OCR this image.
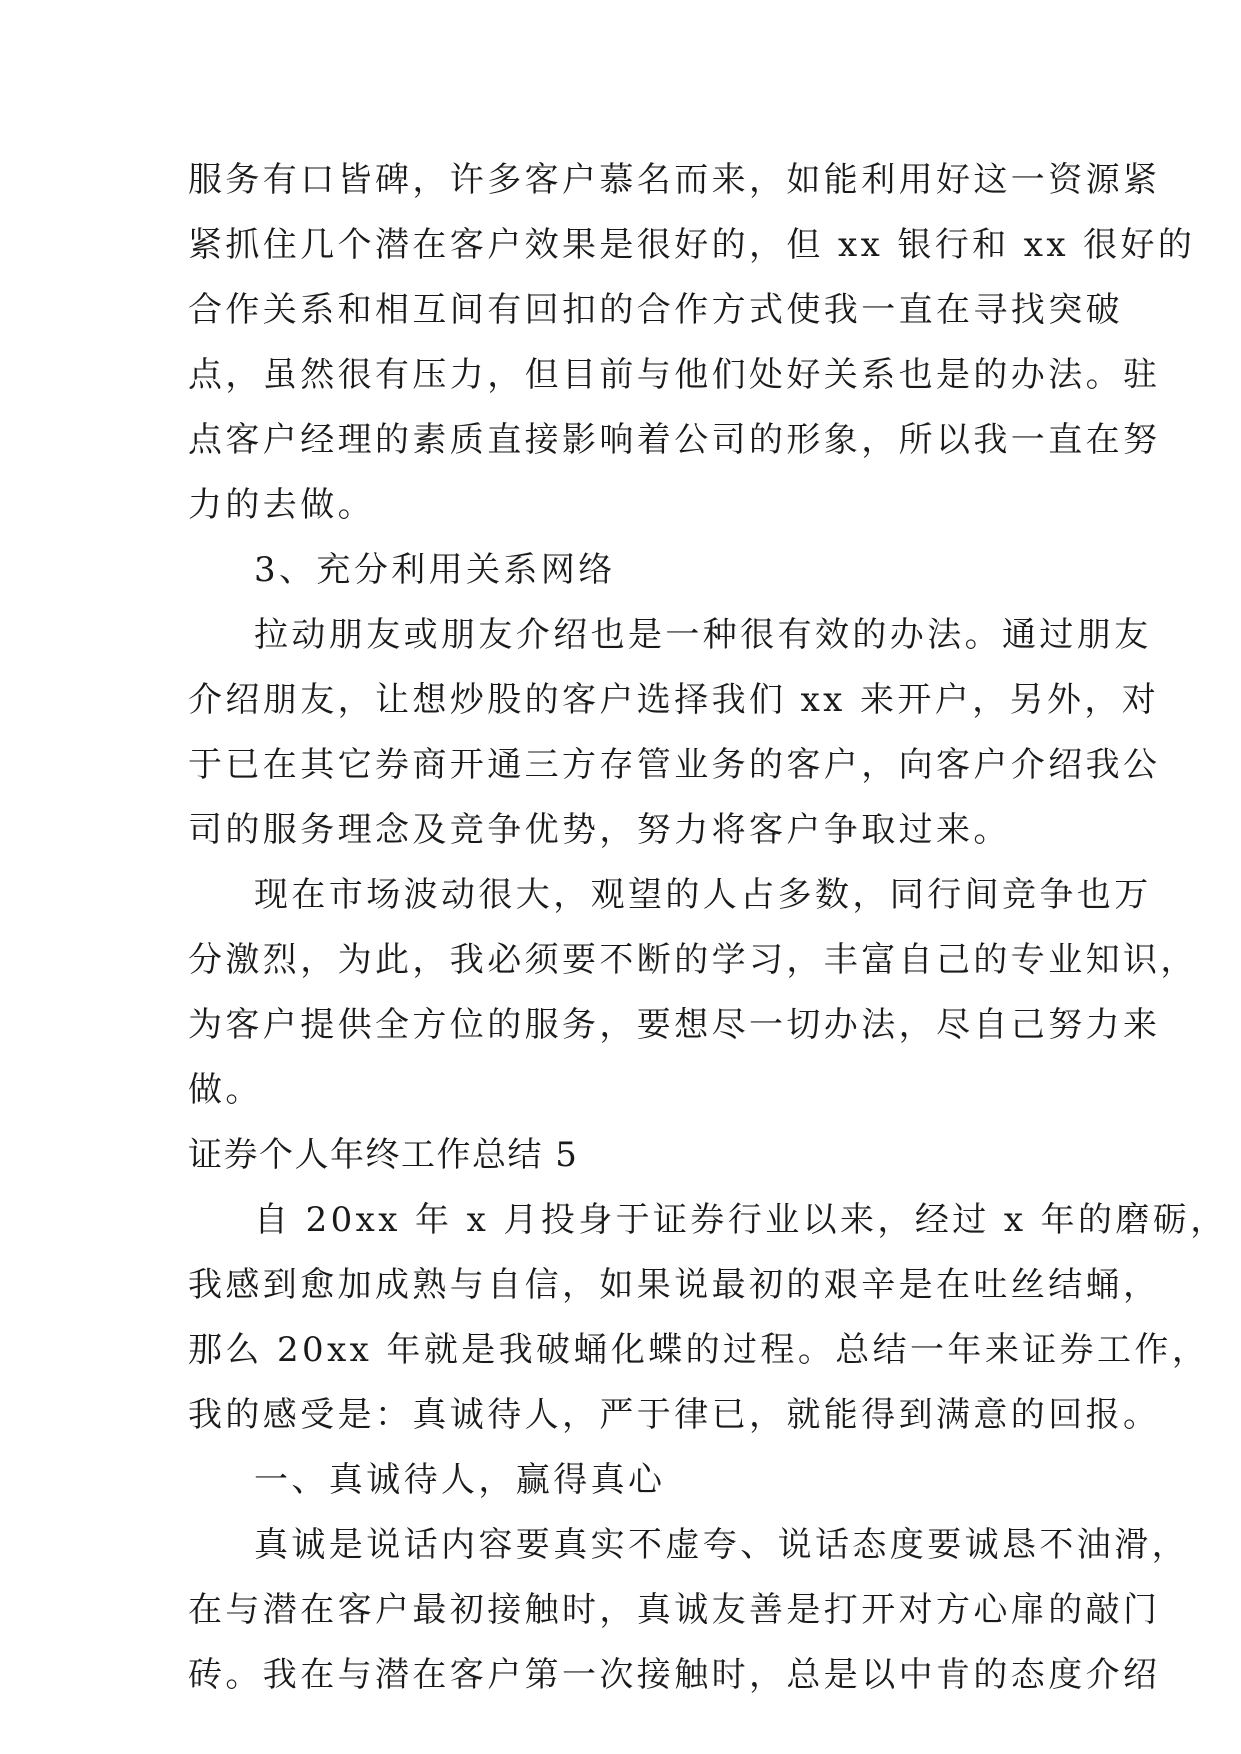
服务有口皆碑，许多客户慕名而来，如能利用好这一资源紧
紧抓住几个潜在客户效果是很好的，但 xx 银行和 xx 很好的
合作关系和相互间有回扣的合作方式使我一直在寻找突破
点，虽然很有压力，但目前与他们处好关系也是的办法。驻
点客户经理的素质直接影响着公司的形象，所以我一直在努
力的去做。
3、充分利用关系网络
拉动朋友或朋友介绍也是一种很有效的办法。通过朋友
介绍朋友，让想炒股的客户选择我们 xx 来开户，另外，对
于已在其它券商开通三方存管业务的客户，向客户介绍我公
司的服务理念及竞争优势，努力将客户争取过来。
现在市场波动很大，观望的人占多数，同行间竞争也万
分激烈，为此，我必须要不断的学习，丰富自己的专业知识，
为客户提供全方位的服务，要想尽一切办法，尽自己努力来
做。
证券个人年终工作总结 5
自 20xx 年 x 月投身于证券行业以来，经过 x 年的磨砺，
我感到愈加成熟与自信，如果说最初的艰辛是在吐丝结蛹，
那么 20xx 年就是我破蛹化蝶的过程。总结一年来证券工作，
我的感受是：真诚待人，严于律已，就能得到满意的回报。
一、真诚待人，赢得真心
真诚是说话内容要真实不虚夸、说话态度要诚恳不油滑，
在与潜在客户最初接触时，真诚友善是打开对方心扉的敲门
砖。我在与潜在客户第一次接触时，总是以中肯的态度介绍
